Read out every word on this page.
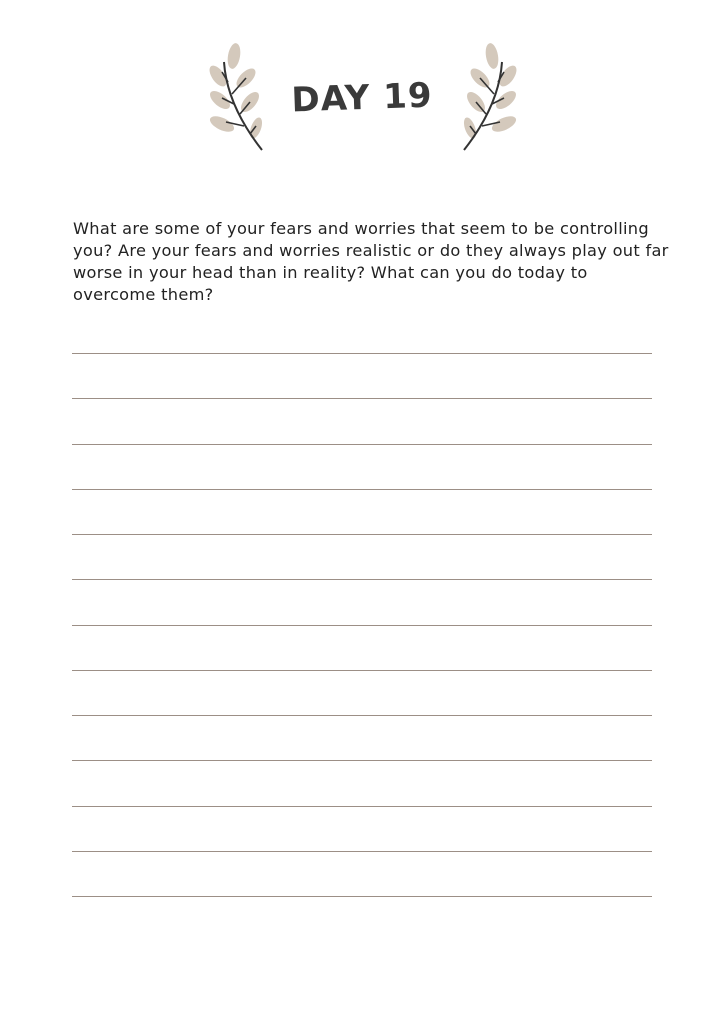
DAY 19

What are some of your fears and worries that seem to be controlling you? Are your fears and worries realistic or do they always play out far worse in your head than in reality? What can you do today to overcome them?
